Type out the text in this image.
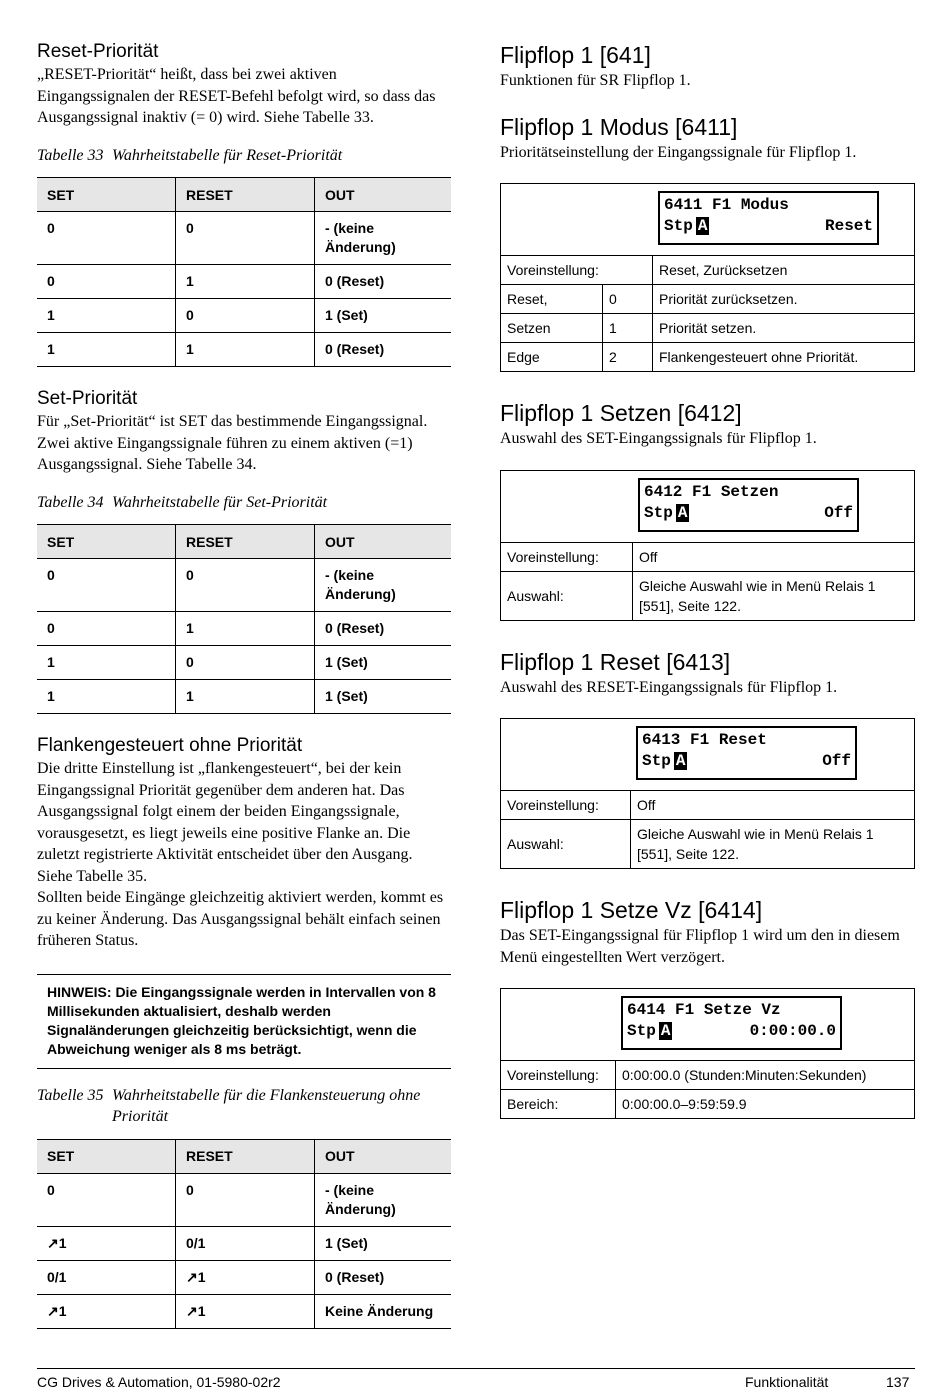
Reset-Priorität

„RESET-Priorität“ heißt, dass bei zwei aktiven Eingangssignalen der RESET-Befehl befolgt wird, so dass das Ausgangssignal inaktiv (= 0) wird. Siehe Tabelle 33.

Tabelle 33 Wahrheitstabelle für Reset-Priorität

SET	RESET	OUT
0	0	- (keine Änderung)
0	1	0 (Reset)
1	0	1 (Set)
1	1	0 (Reset)
Set-Priorität

Für „Set-Priorität“ ist SET das bestimmende Eingangssignal. Zwei aktive Eingangssignale führen zu einem aktiven (=1) Ausgangssignal. Siehe Tabelle 34.

Tabelle 34 Wahrheitstabelle für Set-Priorität

SET	RESET	OUT
0	0	- (keine Änderung)
0	1	0 (Reset)
1	0	1 (Set)
1	1	1 (Set)
Flankengesteuert ohne Priorität

Die dritte Einstellung ist „flankengesteuert“, bei der kein Eingangssignal Priorität gegenüber dem anderen hat. Das Ausgangssignal folgt einem der beiden Eingangssignale, vorausgesetzt, es liegt jeweils eine positive Flanke an. Die zuletzt registrierte Aktivität entscheidet über den Ausgang. Siehe Tabelle 35.

Sollten beide Eingänge gleichzeitig aktiviert werden, kommt es zu keiner Änderung. Das Ausgangssignal behält einfach seinen früheren Status.

HINWEIS: Die Eingangssignale werden in Intervallen von 8 Millisekunden aktualisiert, deshalb werden Signaländerungen gleichzeitig berücksichtigt, wenn die Abweichung weniger als 8 ms beträgt.

Tabelle 35 Wahrheitstabelle für die Flankensteuerung ohne

Priorität

SET	RESET	OUT
0	0	- (keine Änderung)
↗1	0/1	1 (Set)
0/1	↗1	0 (Reset)
↗1	↗1	Keine Änderung
Flipflop 1 [641]

Funktionen für SR Flipflop 1.

Flipflop 1 Modus [6411]

Prioritätseinstellung der Eingangssignale für Flipflop 1.

6411 F1 Modus
Stp A	Reset
Voreinstellung:	Reset, Zurücksetzen
Reset,	0	Priorität zurücksetzen.
Setzen	1	Priorität setzen.
Edge	2	Flankengesteuert ohne Priorität.
Flipflop 1 Setzen [6412]

Auswahl des SET-Eingangssignals für Flipflop 1.

6412 F1 Setzen
Stp A	Off
Voreinstellung:	Off
Auswahl:
Gleiche Auswahl wie in Menü Relais 1 [551], Seite 122.
Flipflop 1 Reset [6413]

Auswahl des RESET-Eingangssignals für Flipflop 1.

6413 F1 Reset
Stp A	Off
Voreinstellung:	Off
Auswahl:
Gleiche Auswahl wie in Menü Relais 1 [551], Seite 122.
Flipflop 1 Setze Vz [6414]

Das SET-Eingangssignal für Flipflop 1 wird um den in diesem Menü eingestellten Wert verzögert.

6414 F1 Setze Vz
Stp A	0:00:00.0
Voreinstellung:	0:00:00.0 (Stunden:Minuten:Sekunden)
Bereich:	0:00:00.0–9:59:59.9
CG Drives & Automation, 01-5980-02r2	Funktionalität	137
